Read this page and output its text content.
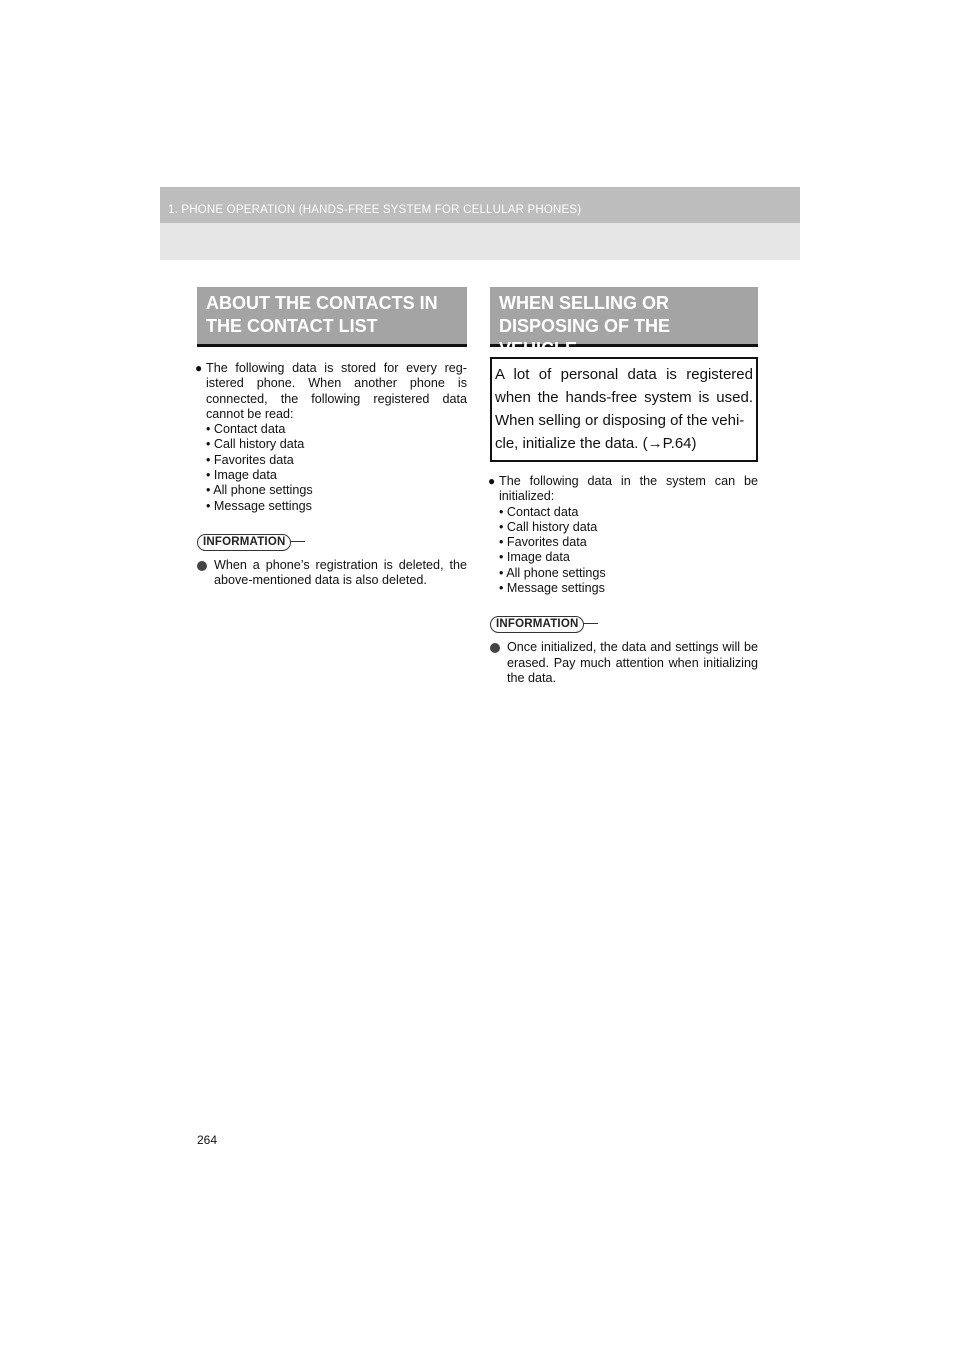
1. PHONE OPERATION (HANDS-FREE SYSTEM FOR CELLULAR PHONES)
ABOUT THE CONTACTS IN
THE CONTACT LIST
● The following data is stored for every reg-istered phone. When another phone is connected, the following registered data cannot be read:
• Contact data
• Call history data
• Favorites data
• Image data
• All phone settings
• Message settings
INFORMATION
When a phone’s registration is deleted, the above-mentioned data is also deleted.
WHEN SELLING OR
DISPOSING OF THE VEHICLE
A lot of personal data is registered when the hands-free system is used. When selling or disposing of the vehi-
cle, initialize the data. (→P.64)
● The following data in the system can be initialized:
• Contact data
• Call history data
• Favorites data
• Image data
• All phone settings
• Message settings
INFORMATION
Once initialized, the data and settings will be erased. Pay much attention when initializing the data.
264
